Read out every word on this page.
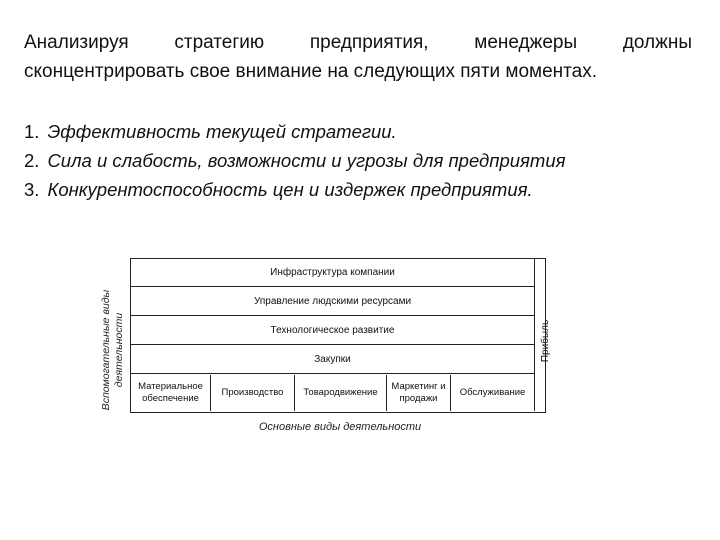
Анализируя стратегию предприятия, менеджеры должны сконцентрировать свое внимание на следующих пяти моментах.

1. Эффективность текущей стратегии.
2. Сила и слабость, возможности и угрозы для предприятия
3. Конкурентоспособность цен и издержек предприятия.
Вспомогательные виды деятельности
Инфраструктура компании
Управление людскими ресурсами
Технологическое развитие
Закупки
Материальное обеспечение
Производство	Товародвижение
Маркетинг и продажи
Обслуживание
Прибыль
Основные виды деятельности
